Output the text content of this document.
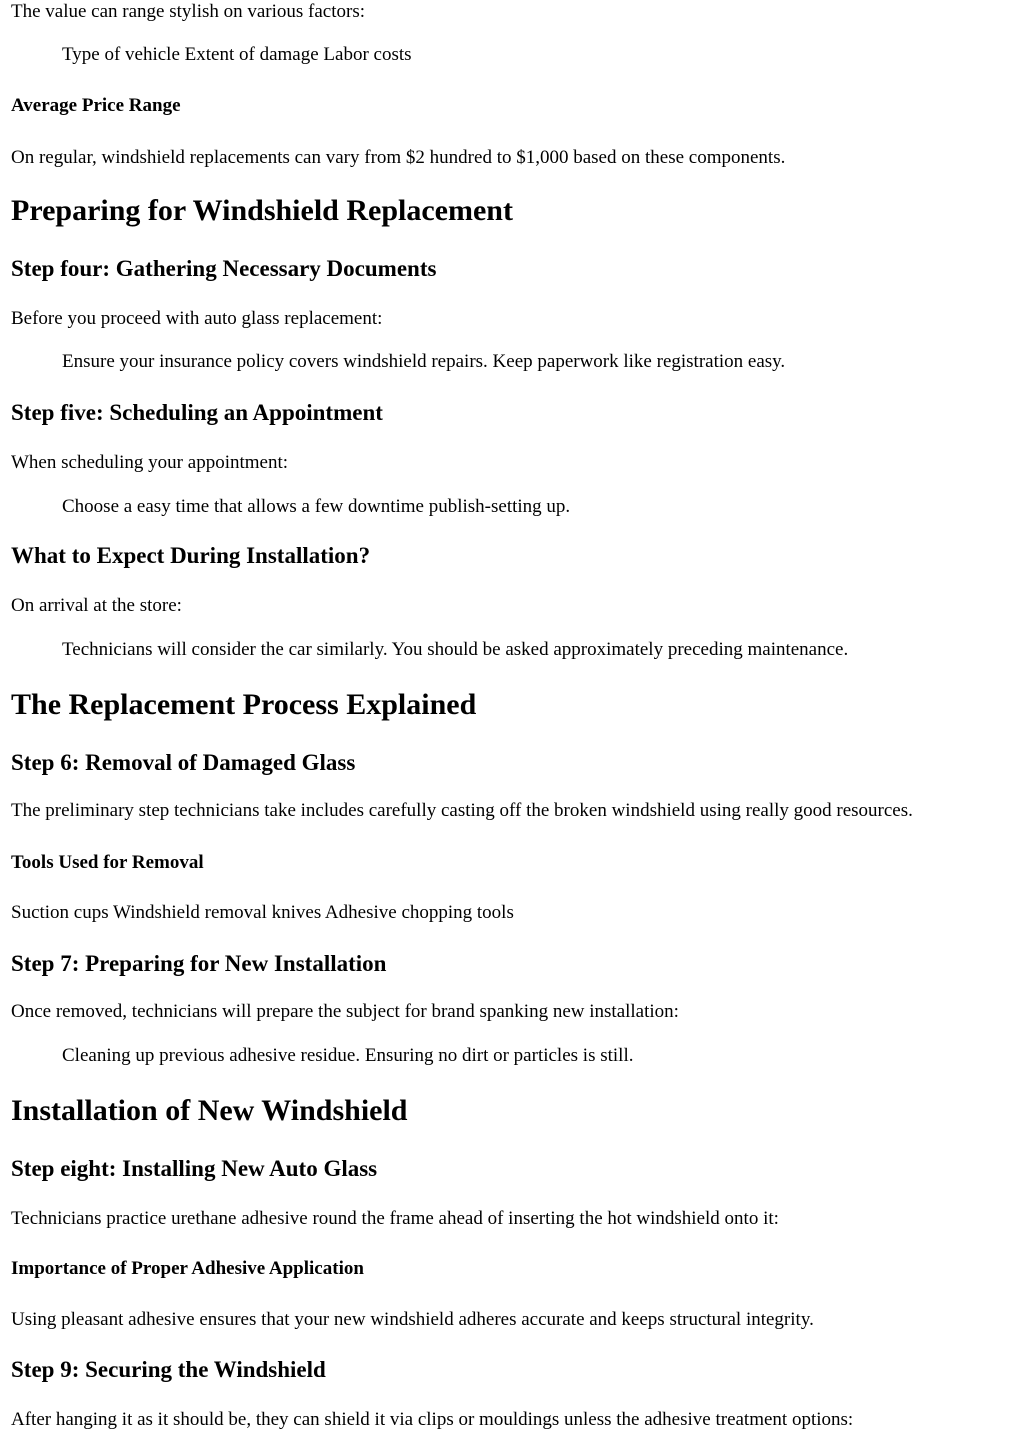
The value can range stylish on various factors:

Type of vehicle Extent of damage Labor costs

Average Price Range

On regular, windshield replacements can vary from $2 hundred to $1,000 based on these components.

Preparing for Windshield Replacement
Step four: Gathering Necessary Documents

Before you proceed with auto glass replacement:

Ensure your insurance policy covers windshield repairs. Keep paperwork like registration easy.

Step five: Scheduling an Appointment

When scheduling your appointment:

Choose a easy time that allows a few downtime publish-setting up.

What to Expect During Installation?

On arrival at the store:

Technicians will consider the car similarly. You should be asked approximately preceding maintenance.

The Replacement Process Explained
Step 6: Removal of Damaged Glass

The preliminary step technicians take includes carefully casting off the broken windshield using really good resources.

Tools Used for Removal

Suction cups Windshield removal knives Adhesive chopping tools

Step 7: Preparing for New Installation

Once removed, technicians will prepare the subject for brand spanking new installation:

Cleaning up previous adhesive residue. Ensuring no dirt or particles is still.

Installation of New Windshield
Step eight: Installing New Auto Glass

Technicians practice urethane adhesive round the frame ahead of inserting the hot windshield onto it:

Importance of Proper Adhesive Application

Using pleasant adhesive ensures that your new windshield adheres accurate and keeps structural integrity.

Step 9: Securing the Windshield

After hanging it as it should be, they can shield it via clips or mouldings unless the adhesive treatment options:
